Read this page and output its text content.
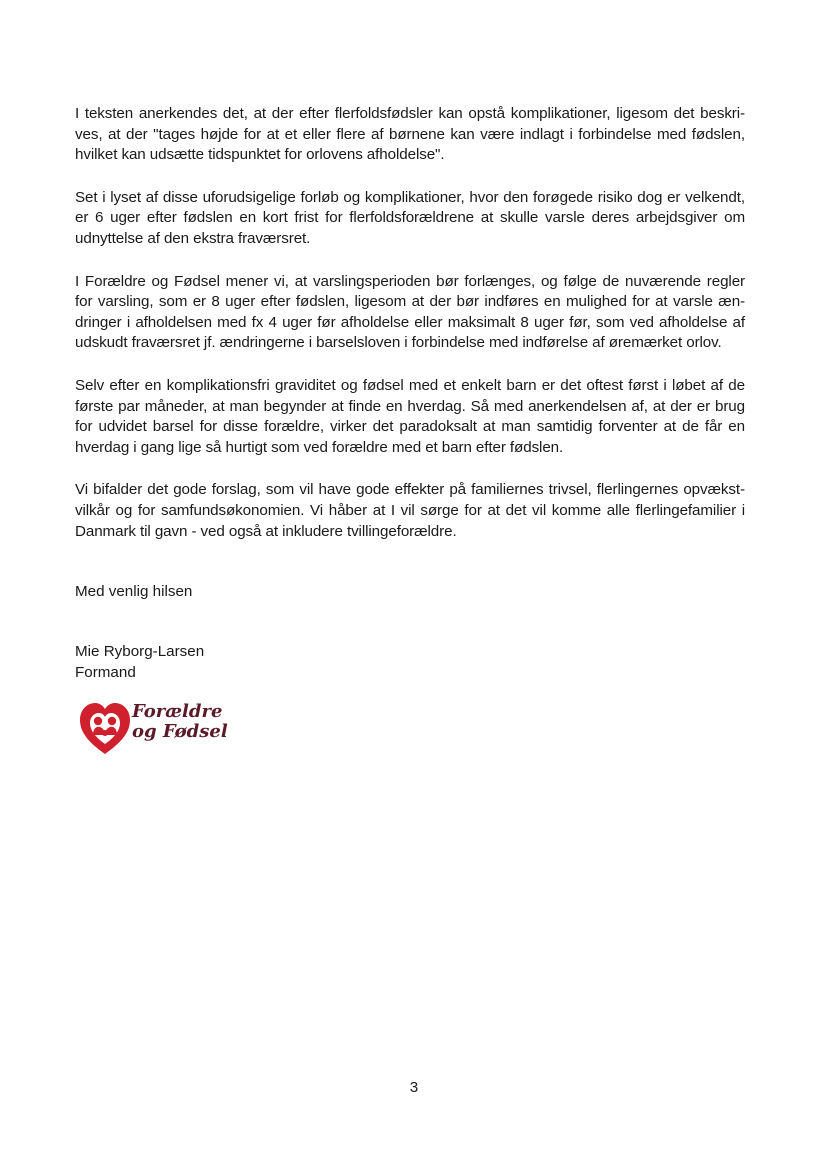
I teksten anerkendes det, at der efter flerfoldsfødsler kan opstå komplikationer, ligesom det beskri-
ves, at der "tages højde for at et eller flere af børnene kan være indlagt i forbindelse med fødslen,
hvilket kan udsætte tidspunktet for orlovens afholdelse".

Set i lyset af disse uforudsigelige forløb og komplikationer, hvor den forøgede risiko dog er velkendt,
er 6 uger efter fødslen en kort frist for flerfoldsforældrene at skulle varsle deres arbejdsgiver om
udnyttelse af den ekstra fraværsret.

I Forældre og Fødsel mener vi, at varslingsperioden bør forlænges, og følge de nuværende regler
for varsling, som er 8 uger efter fødslen, ligesom at der bør indføres en mulighed for at varsle æn-
dringer i afholdelsen med fx 4 uger før afholdelse eller maksimalt 8 uger før, som ved afholdelse af
udskudt fraværsret jf. ændringerne i barselsloven i forbindelse med indførelse af øremærket orlov.

Selv efter en komplikationsfri graviditet og fødsel med et enkelt barn er det oftest først i løbet af de
første par måneder, at man begynder at finde en hverdag. Så med anerkendelsen af, at der er brug
for udvidet barsel for disse forældre, virker det paradoksalt at man samtidig forventer at de får en
hverdag i gang lige så hurtigt som ved forældre med et barn efter fødslen.

Vi bifalder det gode forslag, som vil have gode effekter på familiernes trivsel, flerlingernes opvækst-
vilkår og for samfundsøkonomien. Vi håber at I vil sørge for at det vil komme alle flerlingefamilier i
Danmark til gavn - ved også at inkludere tvillingeforældre.

Med venlig hilsen
Mie Ryborg-Larsen
Formand
Forældre
og Fødsel
3
